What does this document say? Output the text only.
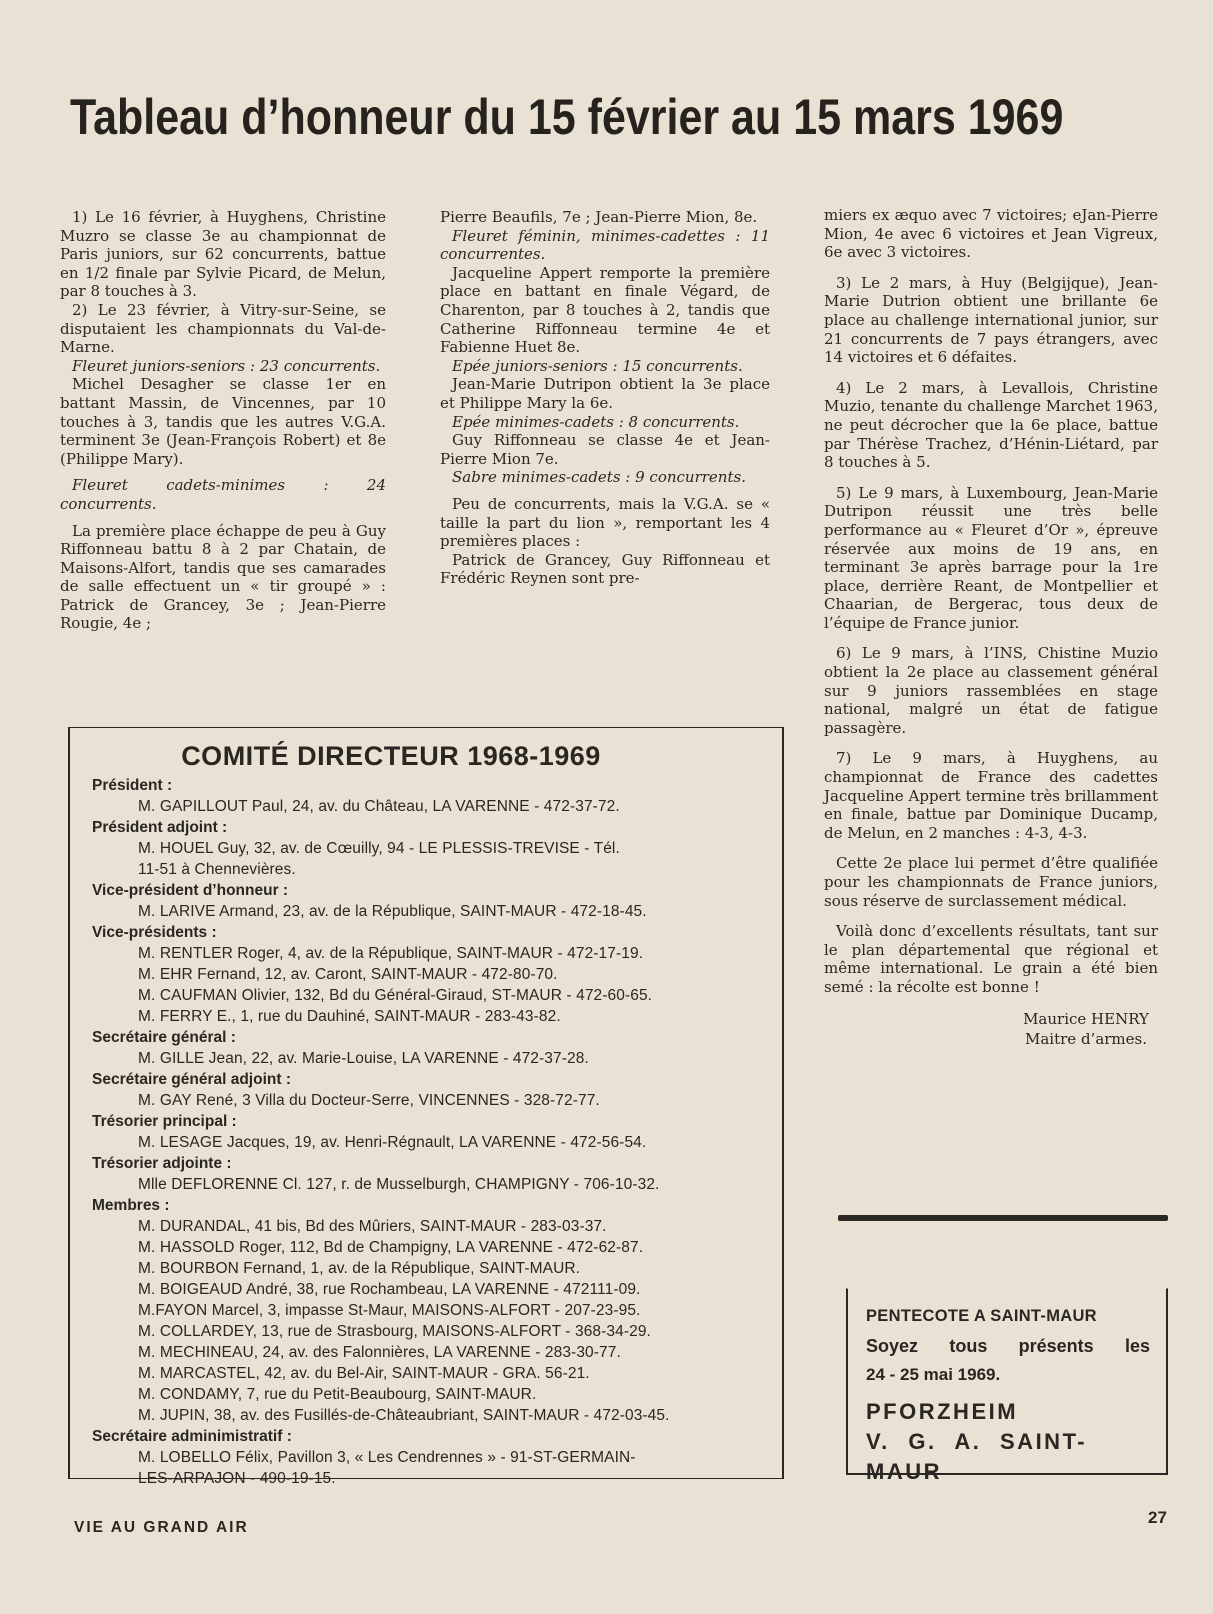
Tableau d’honneur du 15 février au 15 mars 1969

1) Le 16 février, à Huyghens, Christine Muzro se classe 3e au championnat de Paris juniors, sur 62 concurrents, battue en 1/2 finale par Sylvie Picard, de Melun, par 8 touches à 3.

2) Le 23 février, à Vitry-sur-Seine, se disputaient les championnats du Val-de-Marne.

Fleuret juniors-seniors : 23 concurrents.

Michel Desagher se classe 1er en battant Massin, de Vincennes, par 10 touches à 3, tandis que les autres V.G.A. terminent 3e (Jean-François Robert) et 8e (Philippe Mary).

Fleuret cadets-minimes : 24 concurrents.

La première place échappe de peu à Guy Riffonneau battu 8 à 2 par Chatain, de Maisons-Alfort, tandis que ses camarades de salle effectuent un « tir groupé » : Patrick de Grancey, 3e ; Jean-Pierre Rougie, 4e ;

Pierre Beaufils, 7e ; Jean-Pierre Mion, 8e.

Fleuret féminin, minimes-cadettes : 11 concurrentes.

Jacqueline Appert remporte la première place en battant en finale Végard, de Charenton, par 8 touches à 2, tandis que Catherine Riffonneau termine 4e et Fabienne Huet 8e.

Epée juniors-seniors : 15 concurrents.

Jean-Marie Dutripon obtient la 3e place et Philippe Mary la 6e.

Epée minimes-cadets : 8 concurrents.

Guy Riffonneau se classe 4e et Jean-Pierre Mion 7e.

Sabre minimes-cadets : 9 concurrents.

Peu de concurrents, mais la V.G.A. se « taille la part du lion », remportant les 4 premières places :

Patrick de Grancey, Guy Riffonneau et Frédéric Reynen sont pre-

miers ex æquo avec 7 victoires; eJan-Pierre Mion, 4e avec 6 victoires et Jean Vigreux, 6e avec 3 victoires.

3) Le 2 mars, à Huy (Belgijque), Jean-Marie Dutrion obtient une brillante 6e place au challenge international junior, sur 21 concurrents de 7 pays étrangers, avec 14 victoires et 6 défaites.

4) Le 2 mars, à Levallois, Christine Muzio, tenante du challenge Marchet 1963, ne peut décrocher que la 6e place, battue par Thérèse Trachez, d’Hénin-Liétard, par 8 touches à 5.

5) Le 9 mars, à Luxembourg, Jean-Marie Dutripon réussit une très belle performance au « Fleuret d’Or », épreuve réservée aux moins de 19 ans, en terminant 3e après barrage pour la 1re place, derrière Reant, de Montpellier et Chaarian, de Bergerac, tous deux de l’équipe de France junior.

6) Le 9 mars, à l’INS, Chistine Muzio obtient la 2e place au classement général sur 9 juniors rassemblées en stage national, malgré un état de fatigue passagère.

7) Le 9 mars, à Huyghens, au championnat de France des cadettes Jacqueline Appert termine très brillamment en finale, battue par Dominique Ducamp, de Melun, en 2 manches : 4-3, 4-3.

Cette 2e place lui permet d’être qualifiée pour les championnats de France juniors, sous réserve de surclassement médical.

Voilà donc d’excellents résultats, tant sur le plan départemental que régional et même international. Le grain a été bien semé : la récolte est bonne !

Maurice HENRY
Maitre d’armes.
COMITÉ DIRECTEUR 1968-1969
Président :
M. GAPILLOUT Paul, 24, av. du Château, LA VARENNE - 472-37-72.
Président adjoint :
M. HOUEL Guy, 32, av. de Cœuilly, 94 - LE PLESSIS-TREVISE - Tél.
11-51 à Chennevières.
Vice-président d’honneur :
M. LARIVE Armand, 23, av. de la République, SAINT-MAUR - 472-18-45.
Vice-présidents :
M. RENTLER Roger, 4, av. de la République, SAINT-MAUR - 472-17-19.
M. EHR Fernand, 12, av. Caront, SAINT-MAUR - 472-80-70.
M. CAUFMAN Olivier, 132, Bd du Général-Giraud, ST-MAUR - 472-60-65.
M. FERRY E., 1, rue du Dauhiné, SAINT-MAUR - 283-43-82.
Secrétaire général :
M. GILLE Jean, 22, av. Marie-Louise, LA VARENNE - 472-37-28.
Secrétaire général adjoint :
M. GAY René, 3 Villa du Docteur-Serre, VINCENNES - 328-72-77.
Trésorier principal :
M. LESAGE Jacques, 19, av. Henri-Régnault, LA VARENNE - 472-56-54.
Trésorier adjointe :
Mlle DEFLORENNE Cl. 127, r. de Musselburgh, CHAMPIGNY - 706-10-32.
Membres :
M. DURANDAL, 41 bis, Bd des Mûriers, SAINT-MAUR - 283-03-37.
M. HASSOLD Roger, 112, Bd de Champigny, LA VARENNE - 472-62-87.
M. BOURBON Fernand, 1, av. de la République, SAINT-MAUR.
M. BOIGEAUD André, 38, rue Rochambeau, LA VARENNE - 472111-09.
M.FAYON Marcel, 3, impasse St-Maur, MAISONS-ALFORT - 207-23-95.
M. COLLARDEY, 13, rue de Strasbourg, MAISONS-ALFORT - 368-34-29.
M. MECHINEAU, 24, av. des Falonnières, LA VARENNE - 283-30-77.
M. MARCASTEL, 42, av. du Bel-Air, SAINT-MAUR - GRA. 56-21.
M. CONDAMY, 7, rue du Petit-Beaubourg, SAINT-MAUR.
M. JUPIN, 38, av. des Fusillés-de-Châteaubriant, SAINT-MAUR - 472-03-45.
Secrétaire adminimistratif :
M. LOBELLO Félix, Pavillon 3, « Les Cendrennes » - 91-ST-GERMAIN-
LES-ARPAJON - 490-19-15.
PENTECOTE A SAINT-MAUR
Soyez tous présents les
24 - 25 mai 1969.
PFORZHEIM
V. G. A. SAINT-MAUR
VIE AU GRAND AIR
27
